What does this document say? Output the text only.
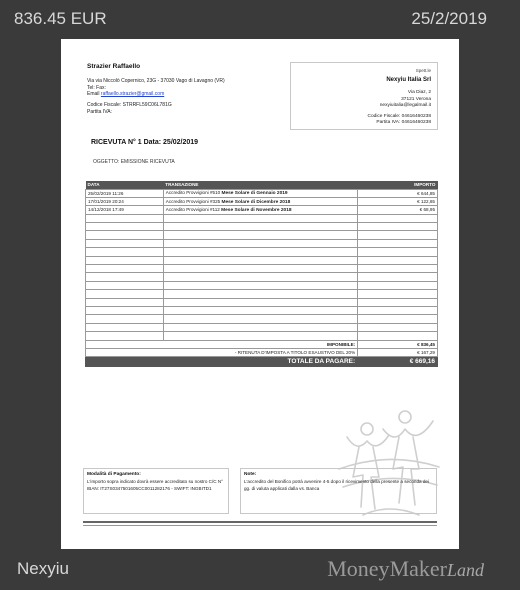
836.45 EUR	25/2/2019
Strazier Raffaello
Via via Niccolò Copernico, 23G - 37030 Vago di Lavagno (VR)
Tel: Fax:
Email raffaello.strazier@gmail.com
Codice Fiscale: STRRFL59C06L781G
Partita IVA:
Spett.le
Nexyiu Italia Srl
Via Diaz, 2
37121 Verona
nexyiuitalia@legalmail.it
Codice Fiscale: 04616460238
Partita IVA: 04616460238
RICEVUTA N° 1 Data: 25/02/2019
OGGETTO: EMISSIONE RICEVUTA
DATA	TRANSAZIONE	IMPORTO
25/02/2019 11:26	Accredito Provvigioni #510 Mese Solare di Gennaio 2019	€ 644,85
17/01/2019 20:24	Accredito Provvigioni #325 Mese Solare di Dicembre 2018	€ 122,65
14/12/2018 17:49	Accredito Provvigioni #112 Mese Solare di Novembre 2018	€ 68,95

IMPONIBILE:		€ 836,45
- RITENUTA D'IMPOSTA A TITOLO ESAUSTIVO DEL 20%		€ 167,29
TOTALE DA PAGARE:		€ 669,16
Modalità di Pagamento:
L'importo sopra indicato dovrà essere accreditato su nostro C/C N°
IBAN: IT27S0347501605CC0011282176 - SWIFT: INGBITD1
Note:
L'accredito del Bonifico potrà avvenire 4-5 dopo il ricevimento della presente a seconda dei gg. di valuta applicati dalla vs. Banca
Nexyiu	MoneyMakerLand
